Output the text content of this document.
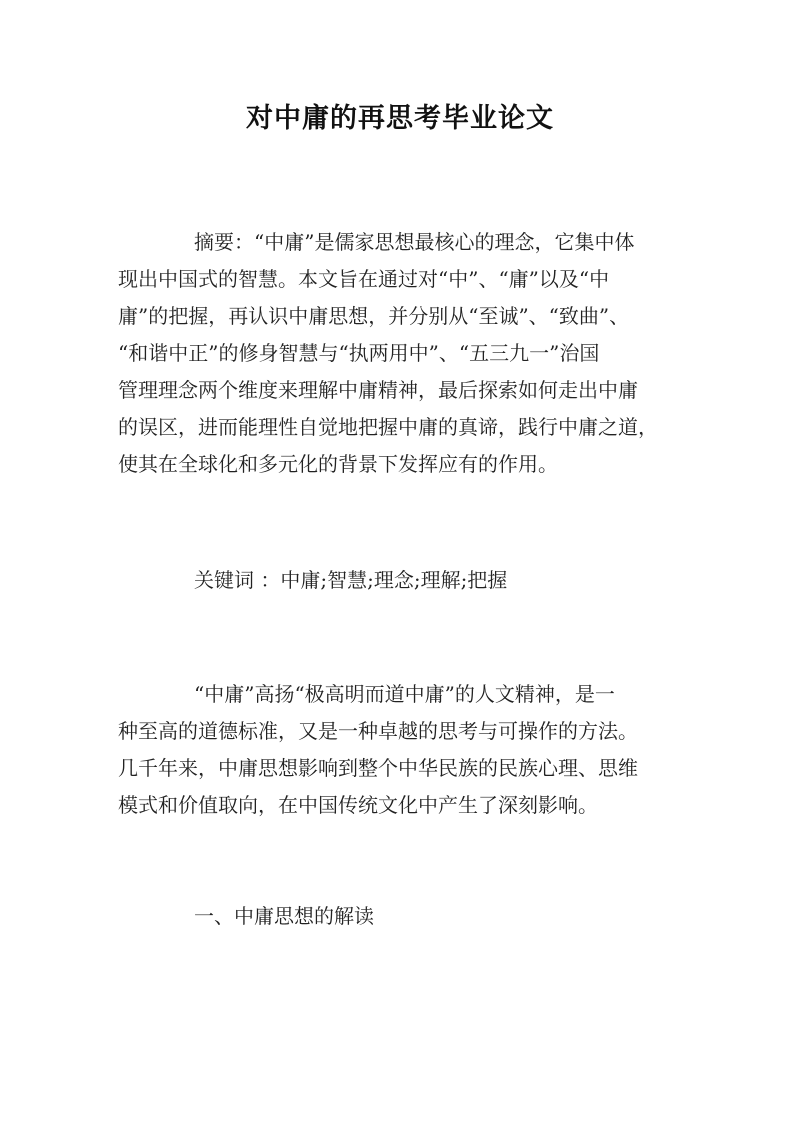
对中庸的再思考毕业论文
摘要：“中庸”是儒家思想最核心的理念，它集中体
现出中国式的智慧。本文旨在通过对“中”、“庸”以及“中
庸”的把握，再认识中庸思想，并分别从“至诚”、“致曲”、
“和谐中正”的修身智慧与“执两用中”、“五三九一”治国
管理理念两个维度来理解中庸精神，最后探索如何走出中庸
的误区，进而能理性自觉地把握中庸的真谛，践行中庸之道，
使其在全球化和多元化的背景下发挥应有的作用。
关键词 ：中庸;智慧;理念;理解;把握
“中庸”高扬“极高明而道中庸”的人文精神，是一
种至高的道德标准，又是一种卓越的思考与可操作的方法。
几千年来，中庸思想影响到整个中华民族的民族心理、思维
模式和价值取向，在中国传统文化中产生了深刻影响。
一、中庸思想的解读
